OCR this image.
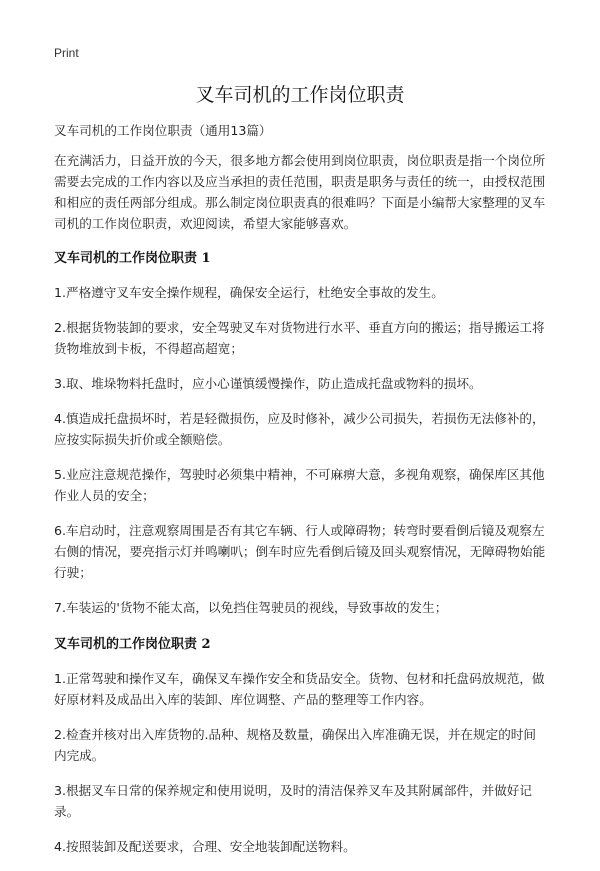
Print
叉车司机的工作岗位职责

叉车司机的工作岗位职责（通用13篇）

在充满活力，日益开放的今天，很多地方都会使用到岗位职责，岗位职责是指一个岗位所需要去完成的工作内容以及应当承担的责任范围，职责是职务与责任的统一，由授权范围和相应的责任两部分组成。那么制定岗位职责真的很难吗？下面是小编帮大家整理的叉车司机的工作岗位职责，欢迎阅读，希望大家能够喜欢。

叉车司机的工作岗位职责 1

1.严格遵守叉车安全操作规程，确保安全运行，杜绝安全事故的发生。

2.根据货物装卸的要求，安全驾驶叉车对货物进行水平、垂直方向的搬运；指导搬运工将货物堆放到卡板，不得超高超宽；

3.取、堆垛物料托盘时，应小心谨慎缓慢操作，防止造成托盘或物料的损坏。

4.慎造成托盘损坏时，若是轻微损伤，应及时修补，减少公司损失，若损伤无法修补的，应按实际损失折价或全额赔偿。

5.业应注意规范操作，驾驶时必须集中精神，不可麻痹大意，多视角观察，确保库区其他作业人员的安全；

6.车启动时，注意观察周围是否有其它车辆、行人或障碍物；转弯时要看倒后镜及观察左右侧的情况，要亮指示灯并鸣喇叭；倒车时应先看倒后镜及回头观察情况，无障碍物始能行驶；

7.车装运的'货物不能太高，以免挡住驾驶员的视线，导致事故的发生；

叉车司机的工作岗位职责 2

1.正常驾驶和操作叉车，确保叉车操作安全和货品安全。货物、包材和托盘码放规范，做好原材料及成品出入库的装卸、库位调整、产品的整理等工作内容。

2.检查并核对出入库货物的.品种、规格及数量，确保出入库准确无误，并在规定的时间内完成。

3.根据叉车日常的保养规定和使用说明，及时的清洁保养叉车及其附属部件，并做好记录。

4.按照装卸及配送要求，合理、安全地装卸配送物料。
